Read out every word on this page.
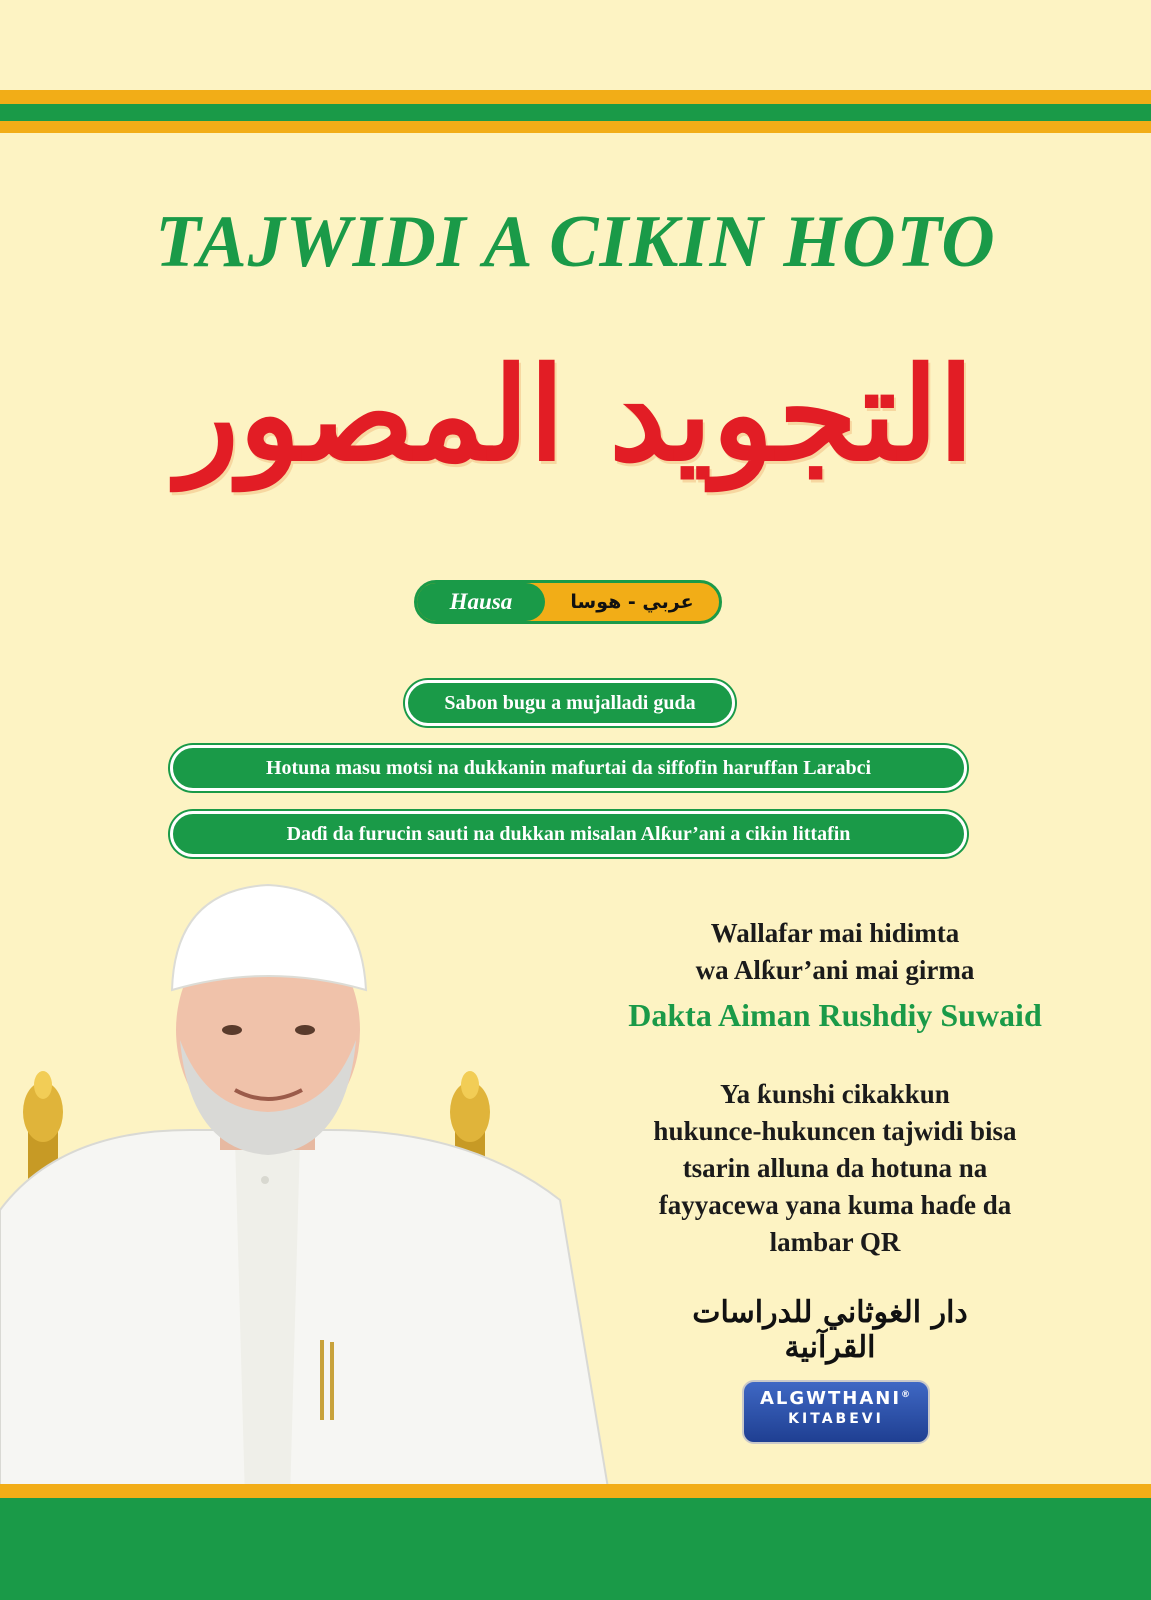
TAJWIDI A CIKIN HOTO
التجويد المصور
Hausa	عربي - هوسا
Sabon bugu a mujalladi guda
Hotuna masu motsi na dukkanin mafurtai da siffofin haruffan Larabci
Daɗi da furucin sauti na dukkan misalan Alƙur’ani a cikin littafin
Wallafar mai hidimta
wa Alƙur’ani mai girma
Dakta Aiman Rushdiy Suwaid
Ya ƙunshi cikakkun
hukunce-hukuncen tajwidi bisa
tsarin alluna da hotuna na
fayyacewa yana kuma haɗe da
lambar QR
دار الغوثاني للدراسات القرآنية
ALGWTHANI®
KITABEVI
